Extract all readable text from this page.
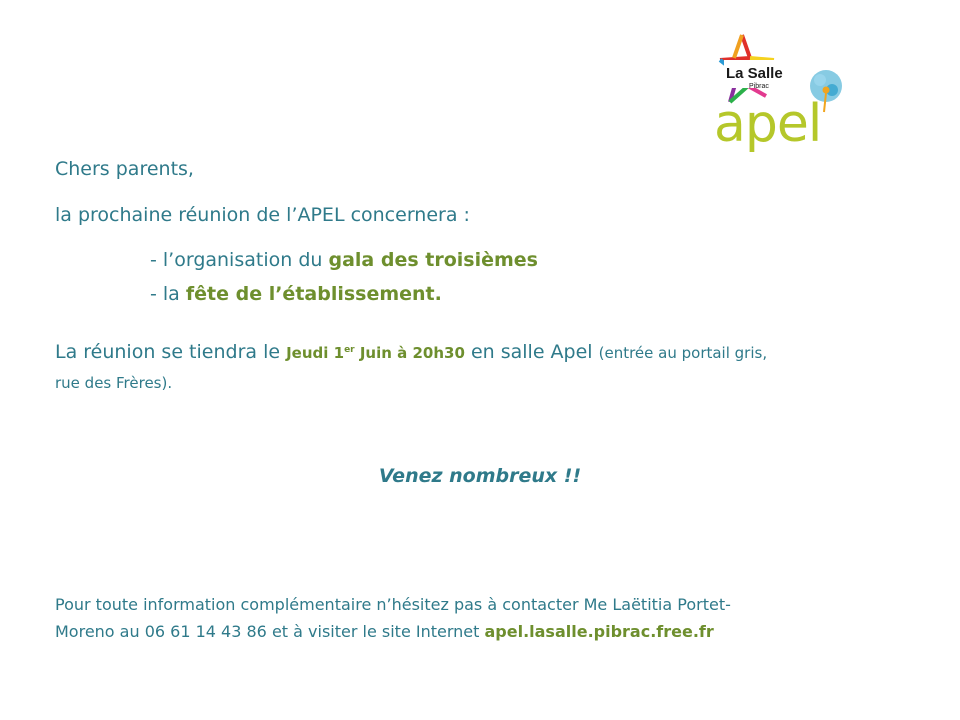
La Salle
Pibrac
apel
Chers parents,
la prochaine réunion de l’APEL concernera :
- l’organisation du gala des troisièmes
- la fête de l’établissement.
La réunion se tiendra le Jeudi 1er Juin à 20h30 en salle Apel (entrée au portail gris,
rue des Frères).
Venez nombreux !!
Pour toute information complémentaire n’hésitez pas à contacter Me Laëtitia Portet-
Moreno au 06 61 14 43 86 et à visiter le site Internet apel.lasalle.pibrac.free.fr
